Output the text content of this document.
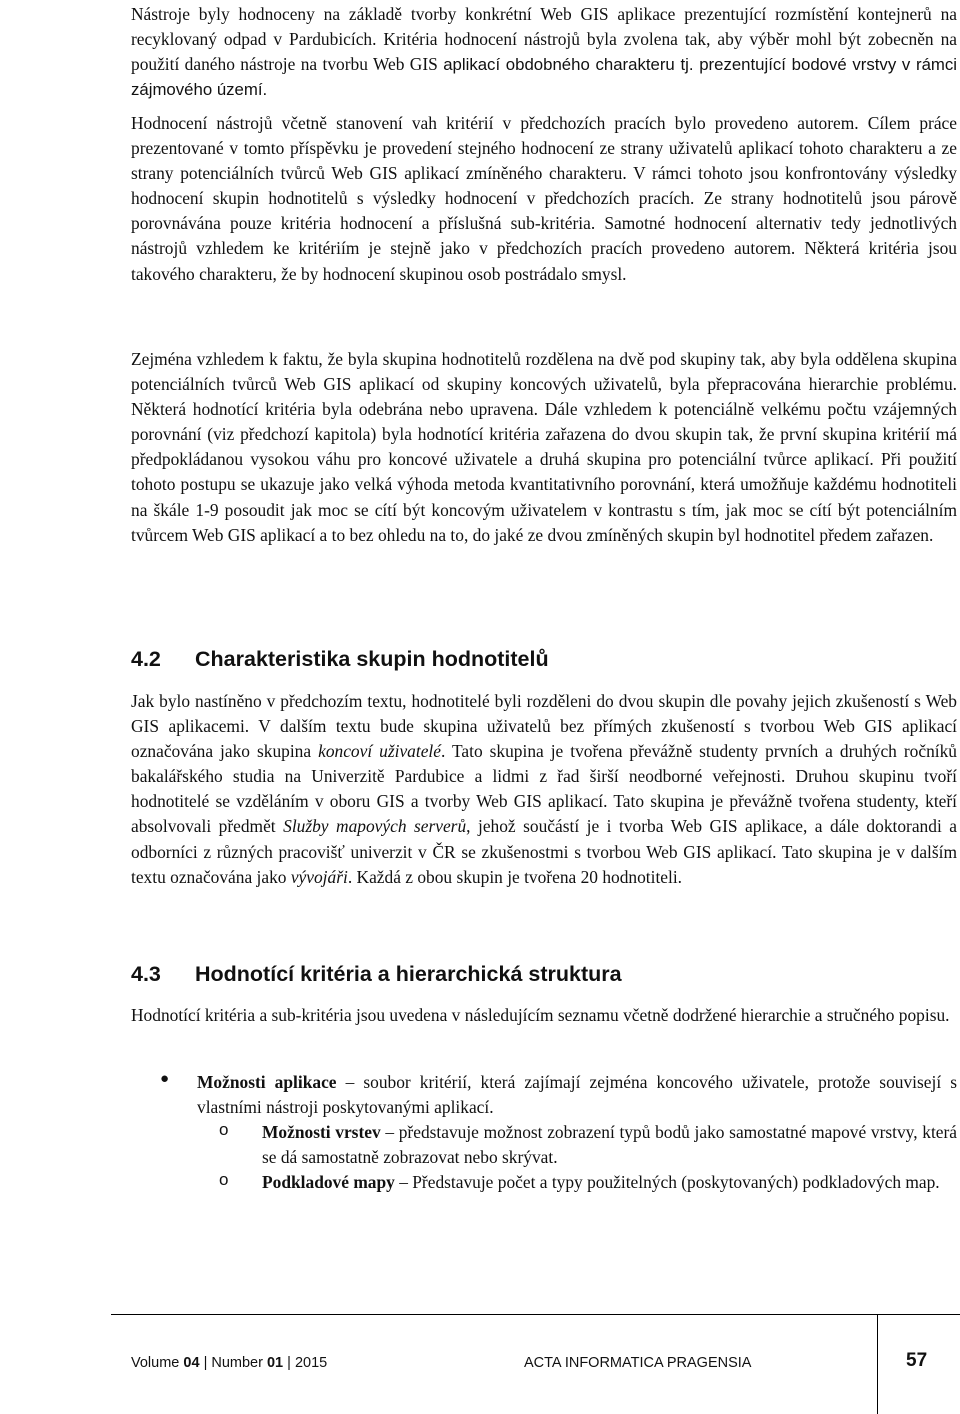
Nástroje byly hodnoceny na základě tvorby konkrétní Web GIS aplikace prezentující rozmístění kontejnerů na recyklovaný odpad v Pardubicích. Kritéria hodnocení nástrojů byla zvolena tak, aby výběr mohl být zobecněn na použití daného nástroje na tvorbu Web GIS aplikací obdobného charakteru tj. prezentující bodové vrstvy v rámci zájmového území.

Hodnocení nástrojů včetně stanovení vah kritérií v předchozích pracích bylo provedeno autorem. Cílem práce prezentované v tomto příspěvku je provedení stejného hodnocení ze strany uživatelů aplikací tohoto charakteru a ze strany potenciálních tvůrců Web GIS aplikací zmíněného charakteru. V rámci tohoto jsou konfrontovány výsledky hodnocení skupin hodnotitelů s výsledky hodnocení v předchozích pracích. Ze strany hodnotitelů jsou párově porovnávána pouze kritéria hodnocení a příslušná sub-kritéria. Samotné hodnocení alternativ tedy jednotlivých nástrojů vzhledem ke kritériím je stejně jako v předchozích pracích provedeno autorem. Některá kritéria jsou takového charakteru, že by hodnocení skupinou osob postrádalo smysl.

Zejména vzhledem k faktu, že byla skupina hodnotitelů rozdělena na dvě pod skupiny tak, aby byla oddělena skupina potenciálních tvůrců Web GIS aplikací od skupiny koncových uživatelů, byla přepracována hierarchie problému. Některá hodnotící kritéria byla odebrána nebo upravena. Dále vzhledem k potenciálně velkému počtu vzájemných porovnání (viz předchozí kapitola) byla hodnotící kritéria zařazena do dvou skupin tak, že první skupina kritérií má předpokládanou vysokou váhu pro koncové uživatele a druhá skupina pro potenciální tvůrce aplikací. Při použití tohoto postupu se ukazuje jako velká výhoda metoda kvantitativního porovnání, která umožňuje každému hodnotiteli na škále 1-9 posoudit jak moc se cítí být koncovým uživatelem v kontrastu s tím, jak moc se cítí být potenciálním tvůrcem Web GIS aplikací a to bez ohledu na to, do jaké ze dvou zmíněných skupin byl hodnotitel předem zařazen.

4.2 Charakteristika skupin hodnotitelů

Jak bylo nastíněno v předchozím textu, hodnotitelé byli rozděleni do dvou skupin dle povahy jejich zkušeností s Web GIS aplikacemi. V dalším textu bude skupina uživatelů bez přímých zkušeností s tvorbou Web GIS aplikací označována jako skupina koncoví uživatelé. Tato skupina je tvořena převážně studenty prvních a druhých ročníků bakalářského studia na Univerzitě Pardubice a lidmi z řad širší neodborné veřejnosti. Druhou skupinu tvoří hodnotitelé se vzděláním v oboru GIS a tvorby Web GIS aplikací. Tato skupina je převážně tvořena studenty, kteří absolvovali předmět Služby mapových serverů, jehož součástí je i tvorba Web GIS aplikace, a dále doktorandi a odborníci z různých pracovišť univerzit v ČR se zkušenostmi s tvorbou Web GIS aplikací. Tato skupina je v dalším textu označována jako vývojáři. Každá z obou skupin je tvořena 20 hodnotiteli.

4.3 Hodnotící kritéria a hierarchická struktura

Hodnotící kritéria a sub-kritéria jsou uvedena v následujícím seznamu včetně dodržené hierarchie a stručného popisu.

● Možnosti aplikace – soubor kritérií, která zajímají zejména koncového uživatele, protože souvisejí s vlastními nástroji poskytovanými aplikací.

o Možnosti vrstev – představuje možnost zobrazení typů bodů jako samostatné mapové vrstvy, která se dá samostatně zobrazovat nebo skrývat.

o Podkladové mapy – Představuje počet a typy použitelných (poskytovaných) podkladových map.

Volume 04 | Number 01 | 2015	ACTA INFORMATICA PRAGENSIA	57
